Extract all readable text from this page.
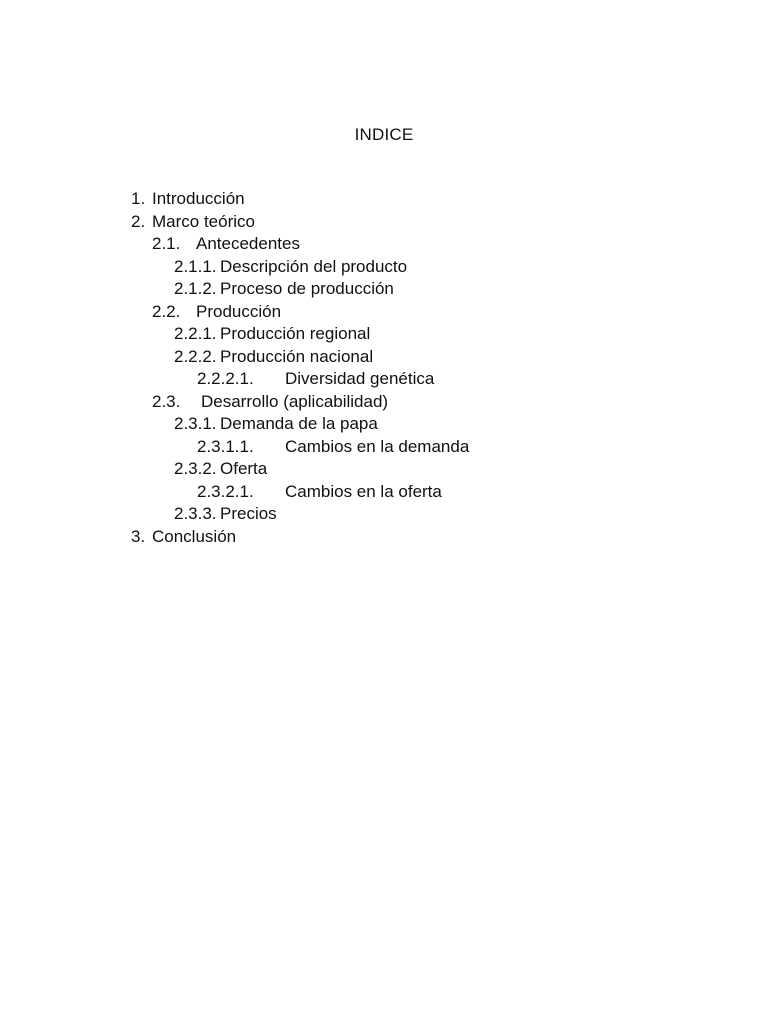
INDICE
1. Introducción
2. Marco teórico
2.1. Antecedentes
2.1.1. Descripción del producto
2.1.2. Proceso de producción
2.2. Producción
2.2.1. Producción regional
2.2.2. Producción nacional
2.2.2.1. Diversidad genética
2.3. Desarrollo (aplicabilidad)
2.3.1. Demanda de la papa
2.3.1.1. Cambios en la demanda
2.3.2. Oferta
2.3.2.1. Cambios en la oferta
2.3.3. Precios
3. Conclusión
